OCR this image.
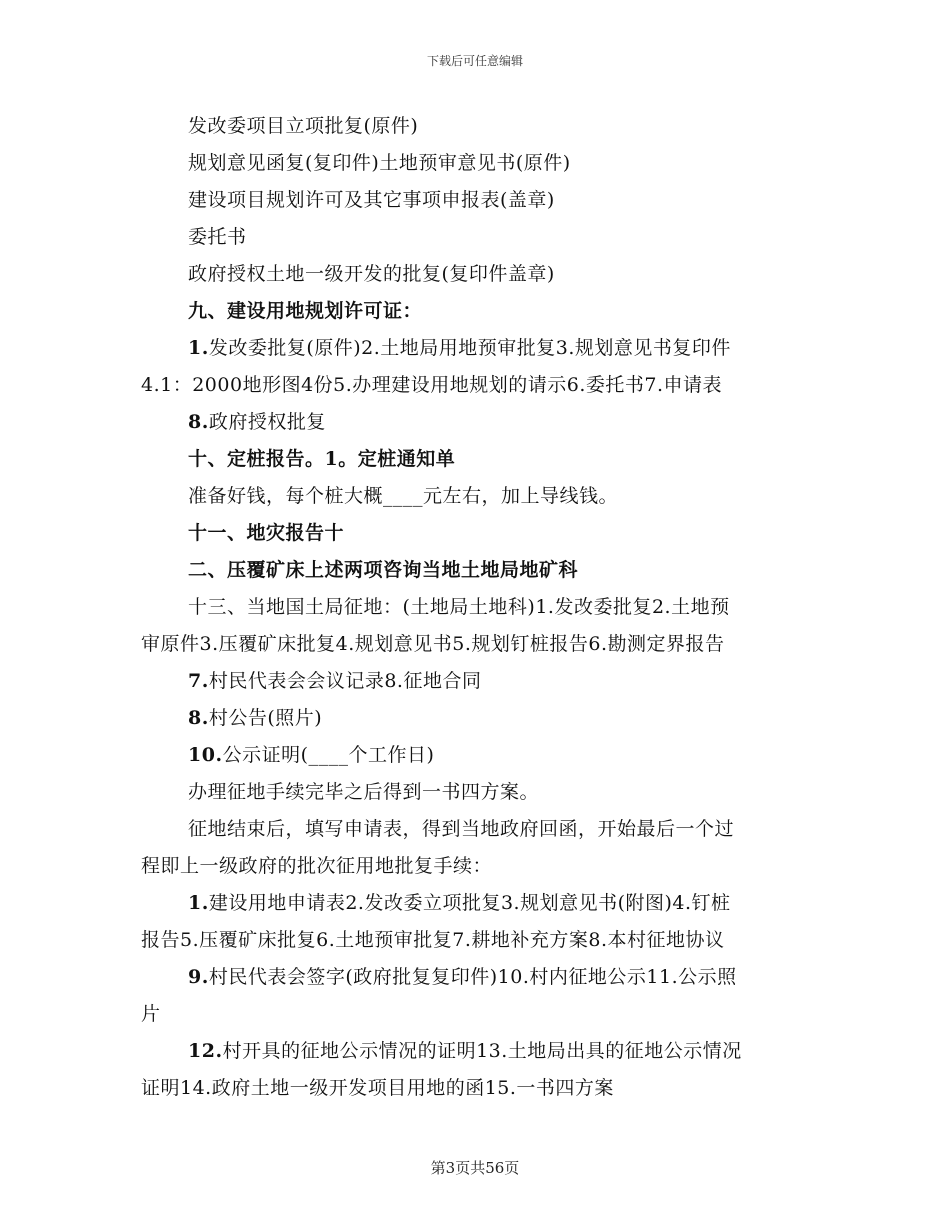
下载后可任意编辑
发改委项目立项批复(原件)
规划意见函复(复印件)土地预审意见书(原件)
建设项目规划许可及其它事项申报表(盖章)
委托书
政府授权土地一级开发的批复(复印件盖章)
九、建设用地规划许可证：
1.发改委批复(原件)2.土地局用地预审批复3.规划意见书复印件
4.1：2000地形图4份5.办理建设用地规划的请示6.委托书7.申请表
8.政府授权批复
十、定桩报告。1。定桩通知单
准备好钱，每个桩大概____元左右，加上导线钱。
十一、地灾报告十
二、压覆矿床上述两项咨询当地土地局地矿科
十三、当地国土局征地：(土地局土地科)1.发改委批复2.土地预
审原件3.压覆矿床批复4.规划意见书5.规划钉桩报告6.勘测定界报告
7.村民代表会会议记录8.征地合同
8.村公告(照片)
10.公示证明(____个工作日)
办理征地手续完毕之后得到一书四方案。
征地结束后，填写申请表，得到当地政府回函，开始最后一个过
程即上一级政府的批次征用地批复手续：
1.建设用地申请表2.发改委立项批复3.规划意见书(附图)4.钉桩
报告5.压覆矿床批复6.土地预审批复7.耕地补充方案8.本村征地协议
9.村民代表会签字(政府批复复印件)10.村内征地公示11.公示照
片
12.村开具的征地公示情况的证明13.土地局出具的征地公示情况
证明14.政府土地一级开发项目用地的函15.一书四方案
第3页共56页
